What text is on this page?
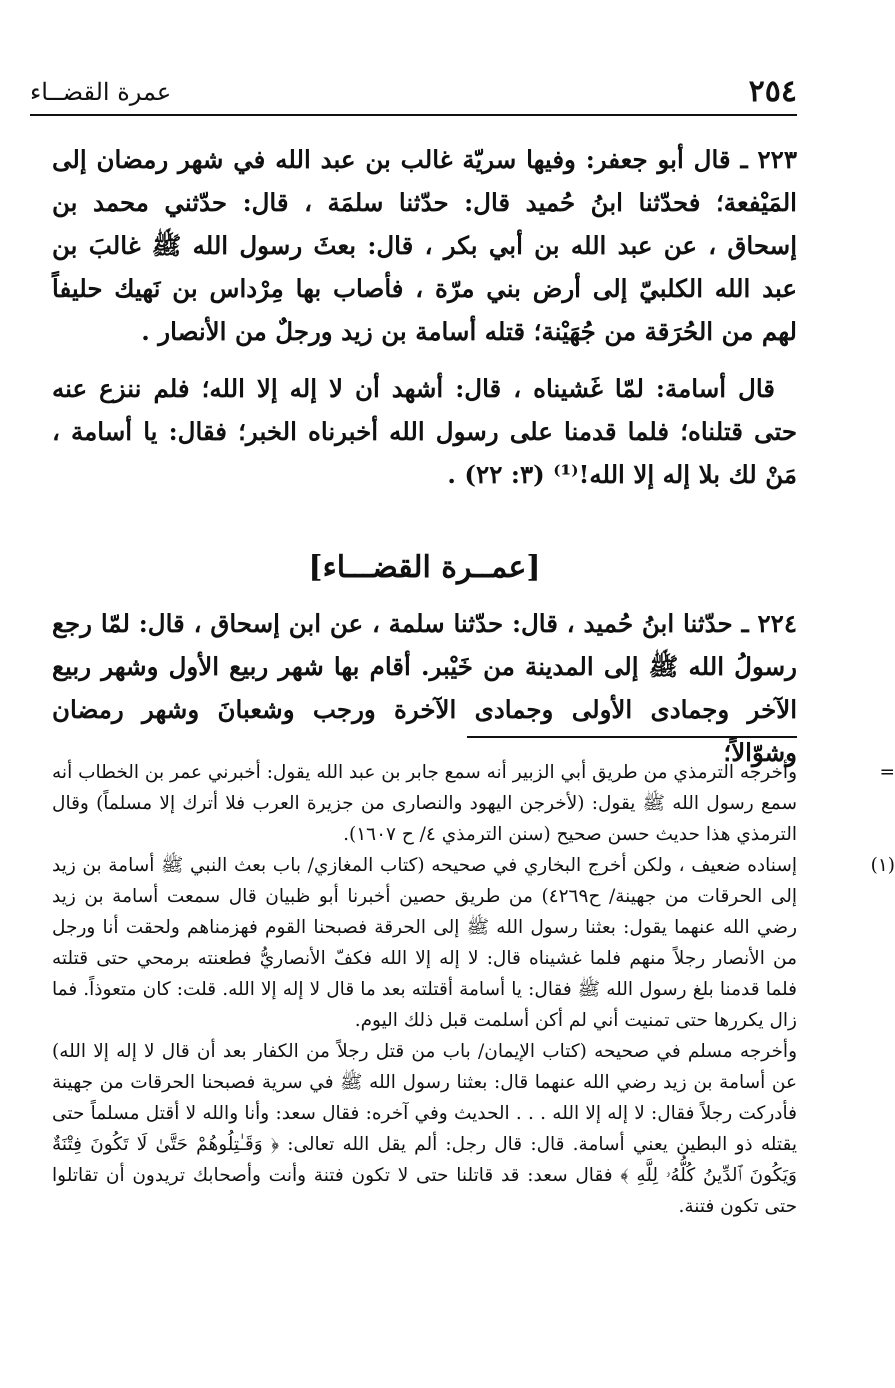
٢٥٤
عمرة القضــاء

٢٢٣ ـ قال أبو جعفر: وفيها سريّة غالب بن عبد الله في شهر رمضان إلى المَيْفعة؛ فحدّثنا ابنُ حُميد قال: حدّثنا سلمَة ، قال: حدّثني محمد بن إسحاق ، عن عبد الله بن أبي بكر ، قال: بعثَ رسول الله ﷺ غالبَ بن عبد الله الكلبيّ إلى أرض بني مرّة ، فأصاب بها مِرْداس بن نَهيك حليفاً لهم من الحُرَقة من جُهَيْنة؛ قتله أسامة بن زيد ورجلٌ من الأنصار .

قال أسامة: لمّا غَشيناه ، قال: أشهد أن لا إله إلا الله؛ فلم ننزع عنه حتى قتلناه؛ فلما قدمنا على رسول الله أخبرناه الخبر؛ فقال: يا أسامة ، مَنْ لك بلا إله إلا الله!⁽¹⁾ (٣: ٢٢) .

[عمــرة القضـــاء]

٢٢٤ ـ حدّثنا ابنُ حُميد ، قال: حدّثنا سلمة ، عن ابن إسحاق ، قال: لمّا رجع رسولُ الله ﷺ إلى المدينة من خَيْبر. أقام بها شهر ربيع الأول وشهر ربيع الآخر وجمادى الأولى وجمادى الآخرة ورجب وشعبانَ وشهر رمضان وشوّالاً؛

=

وأخرجه الترمذي من طريق أبي الزبير أنه سمع جابر بن عبد الله يقول: أخبرني عمر بن الخطاب أنه سمع رسول الله ﷺ يقول: (لأخرجن اليهود والنصارى من جزيرة العرب فلا أترك إلا مسلماً) وقال الترمذي هذا حديث حسن صحيح (سنن الترمذي ٤/ ح ١٦٠٧).

(١)

إسناده ضعيف ، ولكن أخرج البخاري في صحيحه (كتاب المغازي/ باب بعث النبي ﷺ أسامة بن زيد إلى الحرقات من جهينة/ ح٤٢٦٩) من طريق حصين أخبرنا أبو ظبيان قال سمعت أسامة بن زيد رضي الله عنهما يقول: بعثنا رسول الله ﷺ إلى الحرقة فصبحنا القوم فهزمناهم ولحقت أنا ورجل من الأنصار رجلاً منهم فلما غشيناه قال: لا إله إلا الله فكفّ الأنصاريُّ فطعنته برمحي حتى قتلته فلما قدمنا بلغ رسول الله ﷺ فقال: يا أسامة أقتلته بعد ما قال لا إله إلا الله. قلت: كان متعوذاً. فما زال يكررها حتى تمنيت أني لم أكن أسلمت قبل ذلك اليوم.

وأخرجه مسلم في صحيحه (كتاب الإيمان/ باب من قتل رجلاً من الكفار بعد أن قال لا إله إلا الله) عن أسامة بن زيد رضي الله عنهما قال: بعثنا رسول الله ﷺ في سرية فصبحنا الحرقات من جهينة فأدركت رجلاً فقال: لا إله إلا الله . . . الحديث وفي آخره: فقال سعد: وأنا والله لا أقتل مسلماً حتى يقتله ذو البطين يعني أسامة. قال: قال رجل: ألم يقل الله تعالى: ﴿ وَقَـٰتِلُوهُمْ حَتَّىٰ لَا تَكُونَ فِتْنَةٌ وَيَكُونَ ٱلدِّينُ كُلُّهُۥ لِلَّهِ ﴾ فقال سعد: قد قاتلنا حتى لا تكون فتنة وأنت وأصحابك تريدون أن تقاتلوا حتى تكون فتنة.
